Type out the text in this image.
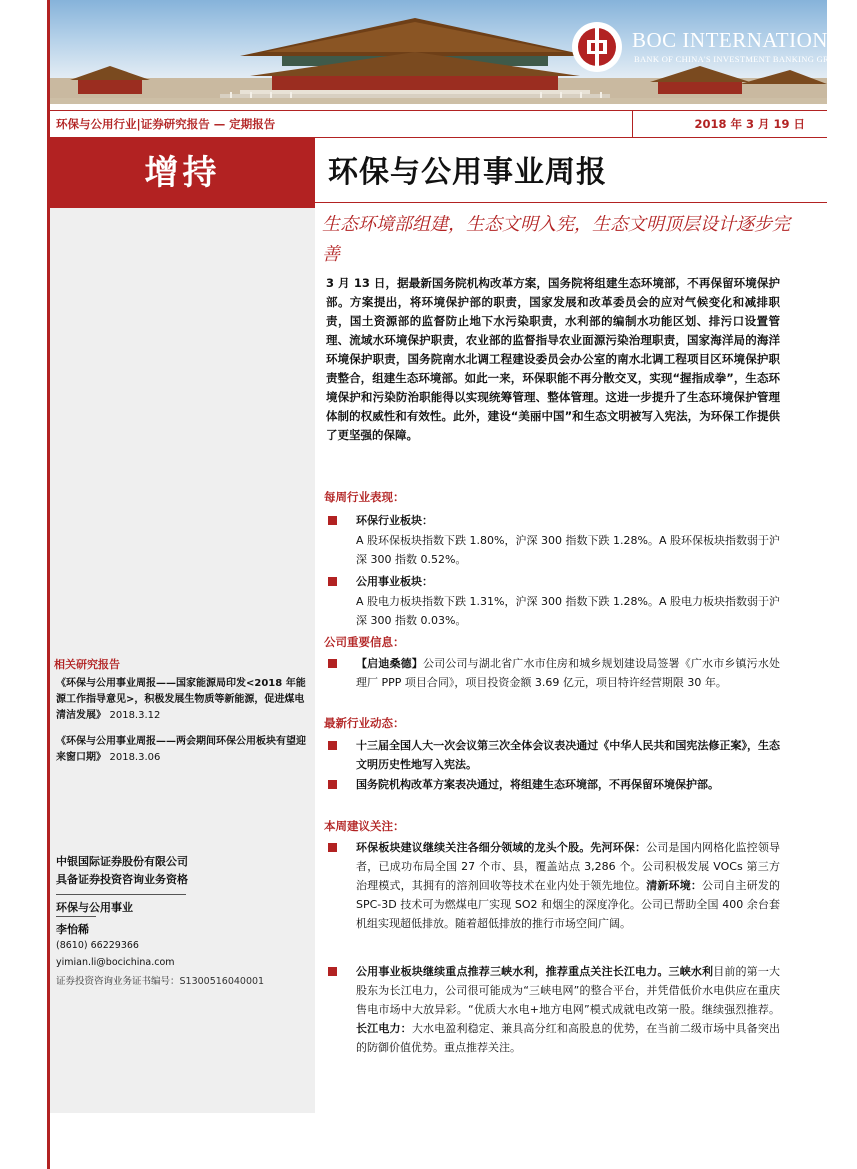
BOC INTERNATIONAL
BANK OF CHINA'S INVESTMENT BANKING GROUP
环保与公用行业|证券研究报告 — 定期报告	2018 年 3 月 19 日
增持
相关研究报告
《环保与公用事业周报——国家能源局印发<2018 年能源工作指导意见>，积极发展生物质等新能源，促进煤电清洁发展》 2018.3.12
《环保与公用事业周报——两会期间环保公用板块有望迎来窗口期》 2018.3.06
中银国际证券股份有限公司
具备证券投资咨询业务资格
环保与公用事业
李怡稀
(8610) 66229366
yimian.li@bocichina.com
证券投资咨询业务证书编号：S1300516040001
环保与公用事业周报
生态环境部组建，生态文明入宪，生态文明顶层设计逐步完善
3 月 13 日，据最新国务院机构改革方案，国务院将组建生态环境部，不再保留环境保护部。方案提出，将环境保护部的职责，国家发展和改革委员会的应对气候变化和减排职责，国土资源部的监督防止地下水污染职责，水利部的编制水功能区划、排污口设置管理、流域水环境保护职责，农业部的监督指导农业面源污染治理职责，国家海洋局的海洋环境保护职责，国务院南水北调工程建设委员会办公室的南水北调工程项目区环境保护职责整合，组建生态环境部。如此一来，环保职能不再分散交叉，实现“握指成拳”，生态环境保护和污染防治职能得以实现统筹管理、整体管理。这进一步提升了生态环境保护管理体制的权威性和有效性。此外，建设“美丽中国”和生态文明被写入宪法，为环保工作提供了更坚强的保障。
每周行业表现：
环保行业板块：
A 股环保板块指数下跌 1.80%，沪深 300 指数下跌 1.28%。A 股环保板块指数弱于沪深 300 指数 0.52%。
公用事业板块：
A 股电力板块指数下跌 1.31%，沪深 300 指数下跌 1.28%。A 股电力板块指数弱于沪深 300 指数 0.03%。
公司重要信息：
【启迪桑德】公司公司与湖北省广水市住房和城乡规划建设局签署《广水市乡镇污水处理厂 PPP 项目合同》，项目投资金额 3.69 亿元，项目特许经营期限 30 年。
最新行业动态：
十三届全国人大一次会议第三次全体会议表决通过《中华人民共和国宪法修正案》，生态文明历史性地写入宪法。
国务院机构改革方案表决通过，将组建生态环境部，不再保留环境保护部。
本周建议关注：
环保板块建议继续关注各细分领域的龙头个股。先河环保：公司是国内网格化监控领导者，已成功布局全国 27 个市、县，覆盖站点 3,286 个。公司积极发展 VOCs 第三方治理模式，其拥有的溶剂回收等技术在业内处于领先地位。清新环境：公司自主研发的 SPC-3D 技术可为燃煤电厂实现 SO2 和烟尘的深度净化。公司已帮助全国 400 余台套机组实现超低排放。随着超低排放的推行市场空间广阔。
公用事业板块继续重点推荐三峡水利，推荐重点关注长江电力。三峡水利目前的第一大股东为长江电力，公司很可能成为“三峡电网”的整合平台，并凭借低价水电供应在重庆售电市场中大放异彩。“优质大水电+地方电网”模式成就电改第一股。继续强烈推荐。长江电力：大水电盈利稳定、兼具高分红和高股息的优势，在当前二级市场中具备突出的防御价值优势。重点推荐关注。
